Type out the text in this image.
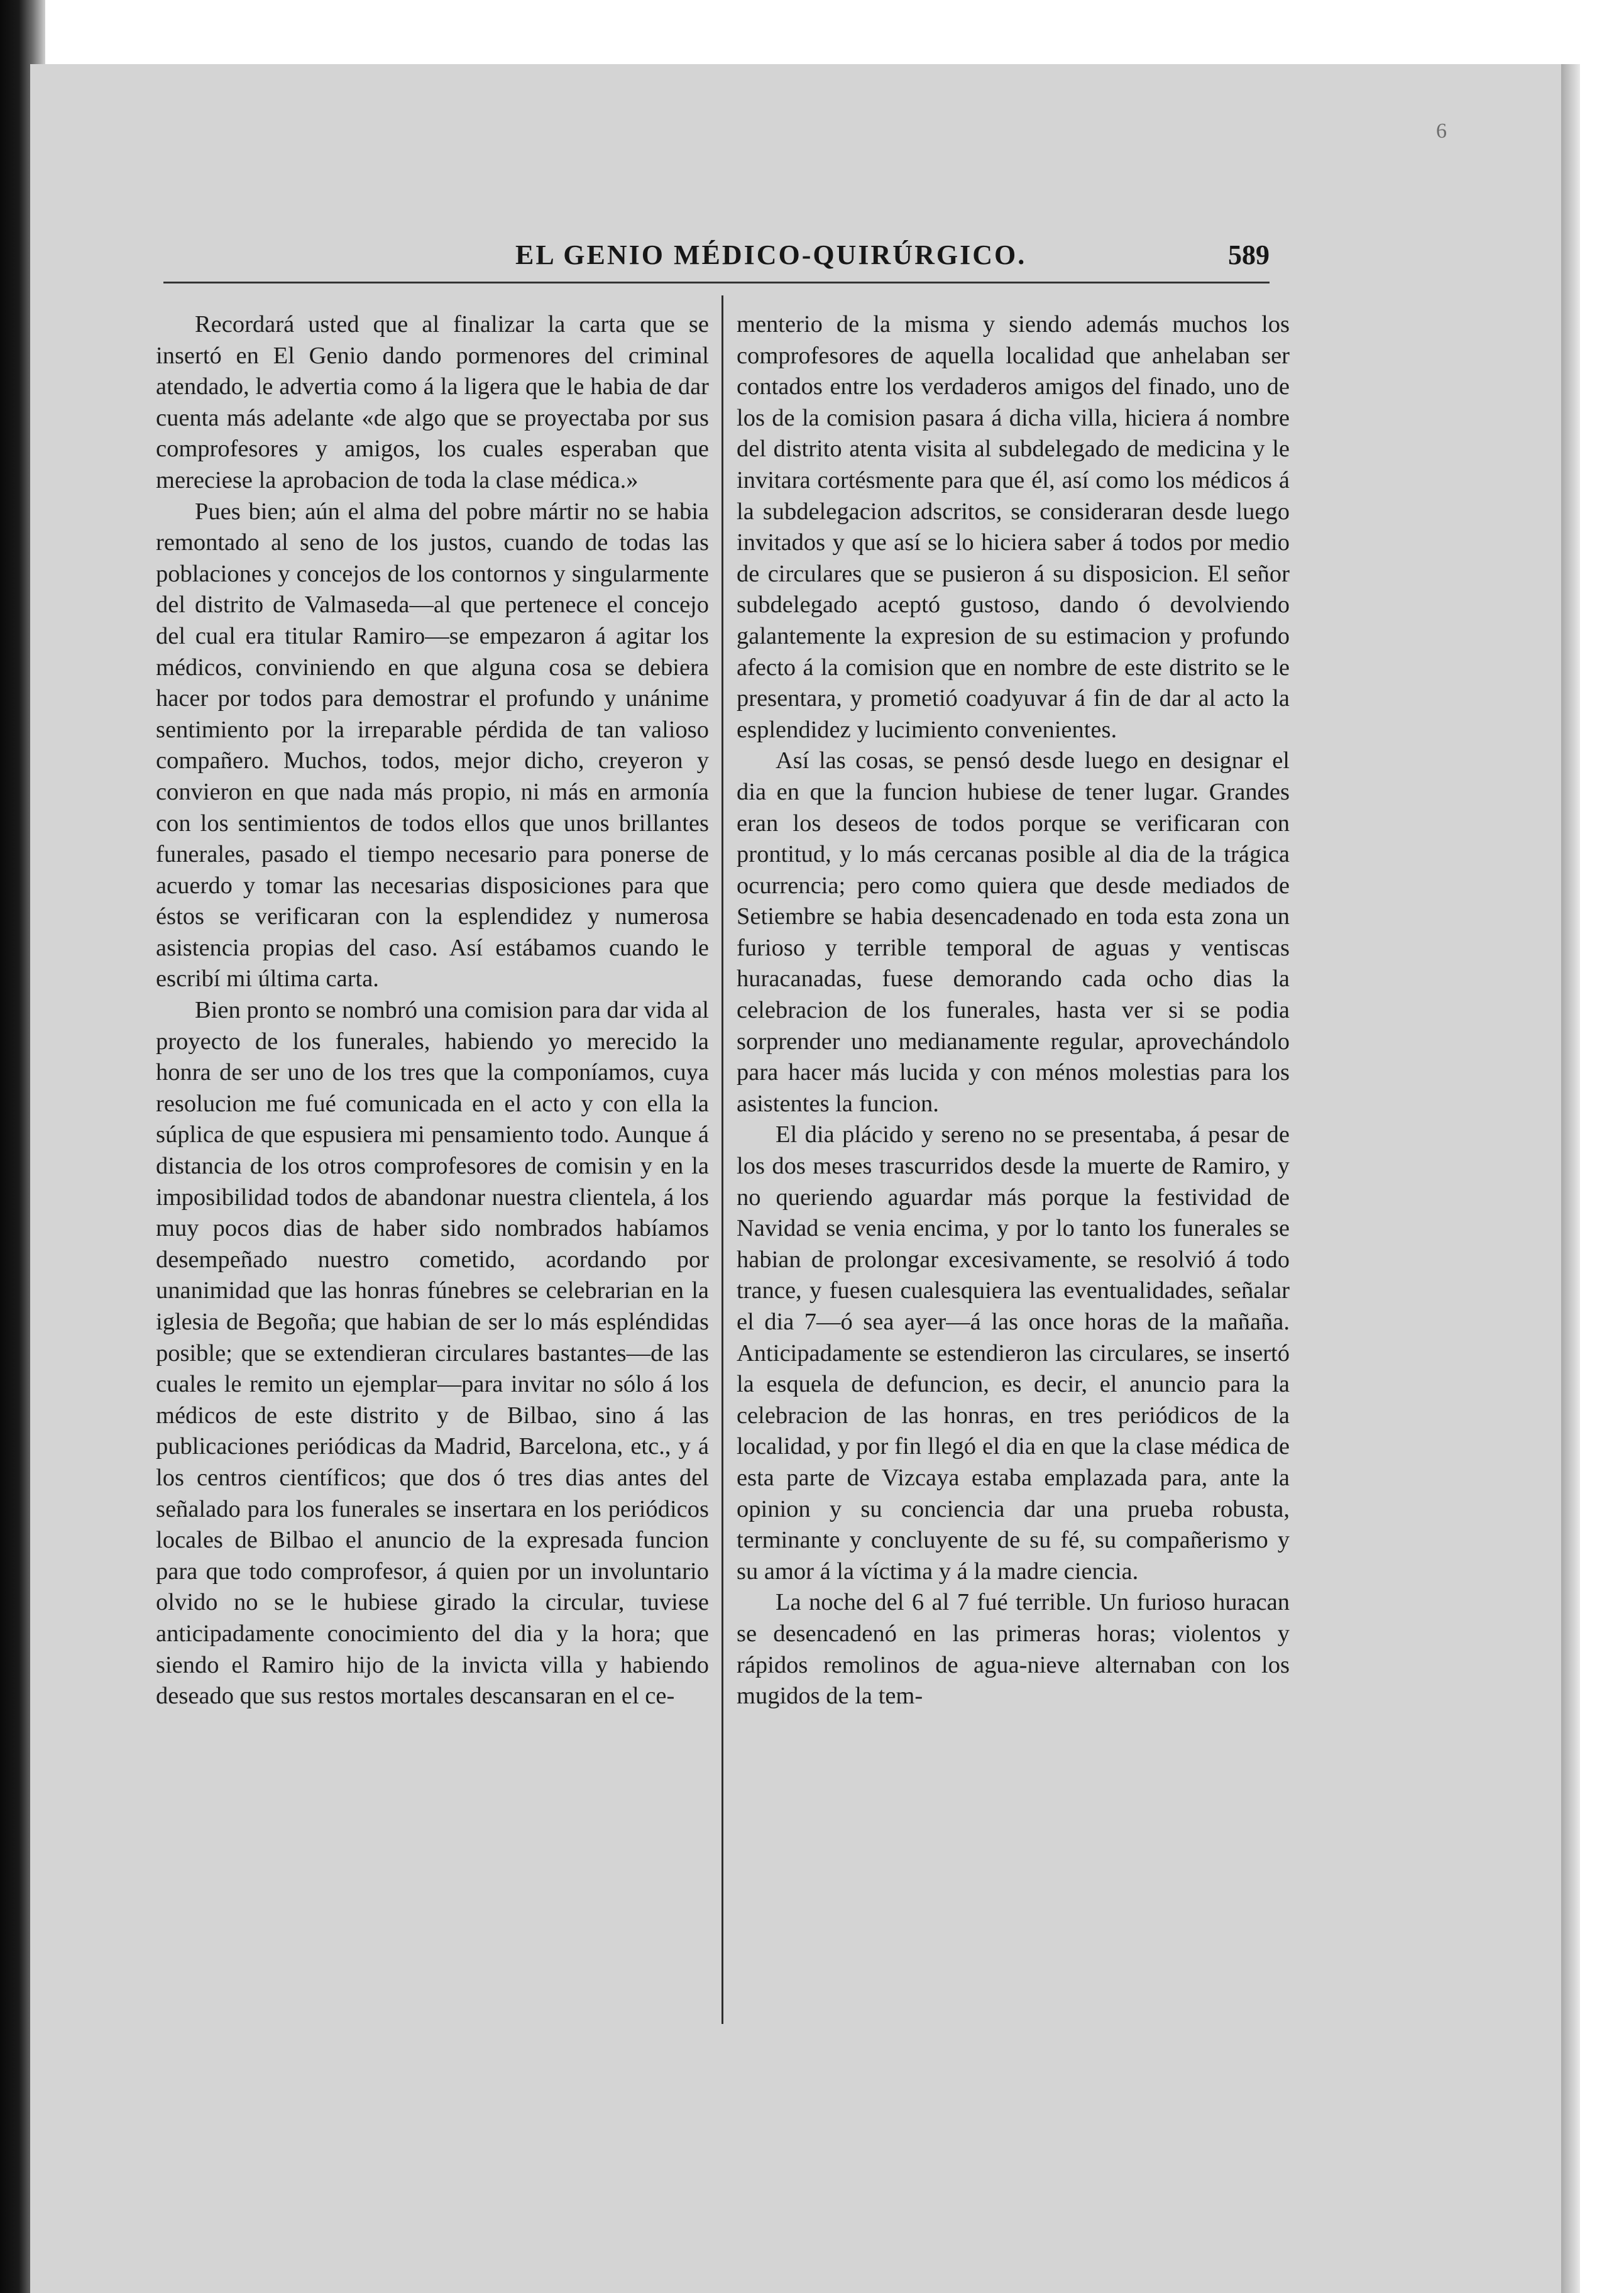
6
EL GENIO MÉDICO-QUIRÚRGICO.	589

Recordará usted que al finalizar la carta que se insertó en El Genio dando pormenores del criminal atendado, le advertia como á la ligera que le habia de dar cuenta más adelante «de algo que se proyectaba por sus comprofesores y amigos, los cuales esperaban que mereciese la aprobacion de toda la clase médica.»

Pues bien; aún el alma del pobre mártir no se habia remontado al seno de los justos, cuando de todas las poblaciones y concejos de los contornos y singularmente del distrito de Valmaseda—al que pertenece el concejo del cual era titular Ramiro—se empezaron á agitar los médicos, conviniendo en que alguna cosa se debiera hacer por todos para demostrar el profundo y unánime sentimiento por la irreparable pérdida de tan valioso compañero. Muchos, todos, mejor dicho, creyeron y convieron en que nada más propio, ni más en armonía con los sentimientos de todos ellos que unos brillantes funerales, pasado el tiempo necesario para ponerse de acuerdo y tomar las necesarias disposiciones para que éstos se verificaran con la esplendidez y numerosa asistencia propias del caso. Así estábamos cuando le escribí mi última carta.

Bien pronto se nombró una comision para dar vida al proyecto de los funerales, habiendo yo merecido la honra de ser uno de los tres que la componíamos, cuya resolucion me fué comunicada en el acto y con ella la súplica de que espusiera mi pensamiento todo. Aunque á distancia de los otros comprofesores de comisin y en la imposibilidad todos de abandonar nuestra clientela, á los muy pocos dias de haber sido nombrados habíamos desempeñado nuestro cometido, acordando por unanimidad que las honras fúnebres se celebrarian en la iglesia de Begoña; que habian de ser lo más espléndidas posible; que se extendieran circulares bastantes—de las cuales le remito un ejemplar—para invitar no sólo á los médicos de este distrito y de Bilbao, sino á las publicaciones periódicas da Madrid, Barcelona, etc., y á los centros científicos; que dos ó tres dias antes del señalado para los funerales se insertara en los periódicos locales de Bilbao el anuncio de la expresada funcion para que todo comprofesor, á quien por un involuntario olvido no se le hubiese girado la circular, tuviese anticipadamente conocimiento del dia y la hora; que siendo el Ramiro hijo de la invicta villa y habiendo deseado que sus restos mortales descansaran en el ce-

menterio de la misma y siendo además muchos los comprofesores de aquella localidad que anhelaban ser contados entre los verdaderos amigos del finado, uno de los de la comision pasara á dicha villa, hiciera á nombre del distrito atenta visita al subdelegado de medicina y le invitara cortésmente para que él, así como los médicos á la subdelegacion adscritos, se consideraran desde luego invitados y que así se lo hiciera saber á todos por medio de circulares que se pusieron á su disposicion. El señor subdelegado aceptó gustoso, dando ó devolviendo galantemente la expresion de su estimacion y profundo afecto á la comision que en nombre de este distrito se le presentara, y prometió coadyuvar á fin de dar al acto la esplendidez y lucimiento convenientes.

Así las cosas, se pensó desde luego en designar el dia en que la funcion hubiese de tener lugar. Grandes eran los deseos de todos porque se verificaran con prontitud, y lo más cercanas posible al dia de la trágica ocurrencia; pero como quiera que desde mediados de Setiembre se habia desencadenado en toda esta zona un furioso y terrible temporal de aguas y ventiscas huracanadas, fuese demorando cada ocho dias la celebracion de los funerales, hasta ver si se podia sorprender uno medianamente regular, aprovechándolo para hacer más lucida y con ménos molestias para los asistentes la funcion.

El dia plácido y sereno no se presentaba, á pesar de los dos meses trascurridos desde la muerte de Ramiro, y no queriendo aguardar más porque la festividad de Navidad se venia encima, y por lo tanto los funerales se habian de prolongar excesivamente, se resolvió á todo trance, y fuesen cualesquiera las eventualidades, señalar el dia 7—ó sea ayer—á las once horas de la mañaña. Anticipadamente se estendieron las circulares, se insertó la esquela de defuncion, es decir, el anuncio para la celebracion de las honras, en tres periódicos de la localidad, y por fin llegó el dia en que la clase médica de esta parte de Vizcaya estaba emplazada para, ante la opinion y su conciencia dar una prueba robusta, terminante y concluyente de su fé, su compañerismo y su amor á la víctima y á la madre ciencia.

La noche del 6 al 7 fué terrible. Un furioso huracan se desencadenó en las primeras horas; violentos y rápidos remolinos de agua-nieve alternaban con los mugidos de la tem-
